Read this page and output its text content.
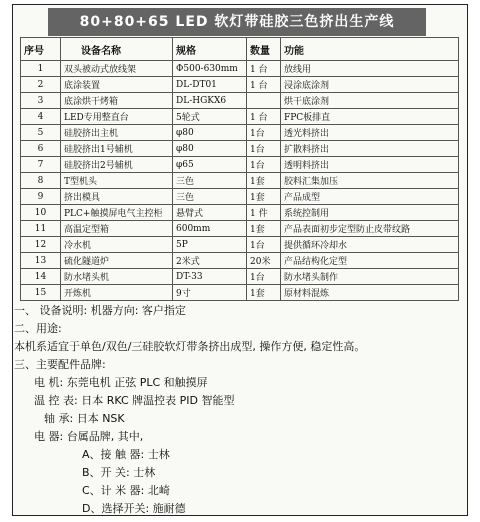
80+80+65 LED 软灯带硅胶三色挤出生产线
序号	设备名称	规格	数量	功能
1	双头被动式放线架	Φ500-630mm	1 台	放线用
2	底涂装置	DL-DT01	1 台	浸涂底涂剂
3	底涂烘干烤箱	DL-HGKX6		烘干底涂剂
4	LED专用整直台	5轮式	1 台	FPC板排直
5	硅胶挤出主机	φ80	1台	透光料挤出
6	硅胶挤出1号辅机	φ80	1台	扩散料挤出
7	硅胶挤出2号辅机	φ65	1台	透明料挤出
8	T型机头	三色	1套	胶料汇集加压
9	挤出模具	三色	1套	产品成型
10	PLC+触摸屏电气主控柜	悬臂式	1 件	系统控制用
11	高温定型箱	600mm	1套	产品表面初步定型防止皮带纹路
12	冷水机	5P	1台	提供循环冷却水
13	硫化隧道炉	2米式	20米	产品结构化定型
14	防水堵头机	DT-33	1台	防水堵头制作
15	开炼机	9寸	1套	原材料混炼
一、 设备说明: 机器方向: 客户指定
二、用途:
本机系适宜于单色/双色/三硅胶软灯带条挤出成型, 操作方便, 稳定性高。
三、主要配件品牌:
电 机: 东莞电机 正弦 PLC 和触摸屏
温 控 表: 日本 RKC 牌温控表 PID 智能型
轴 承: 日本 NSK
电 器: 台属品牌, 其中,
A、接 触 器: 士林
B、开 关: 士林
C、计 米 器: 北崎
D、选择开关: 施耐德
